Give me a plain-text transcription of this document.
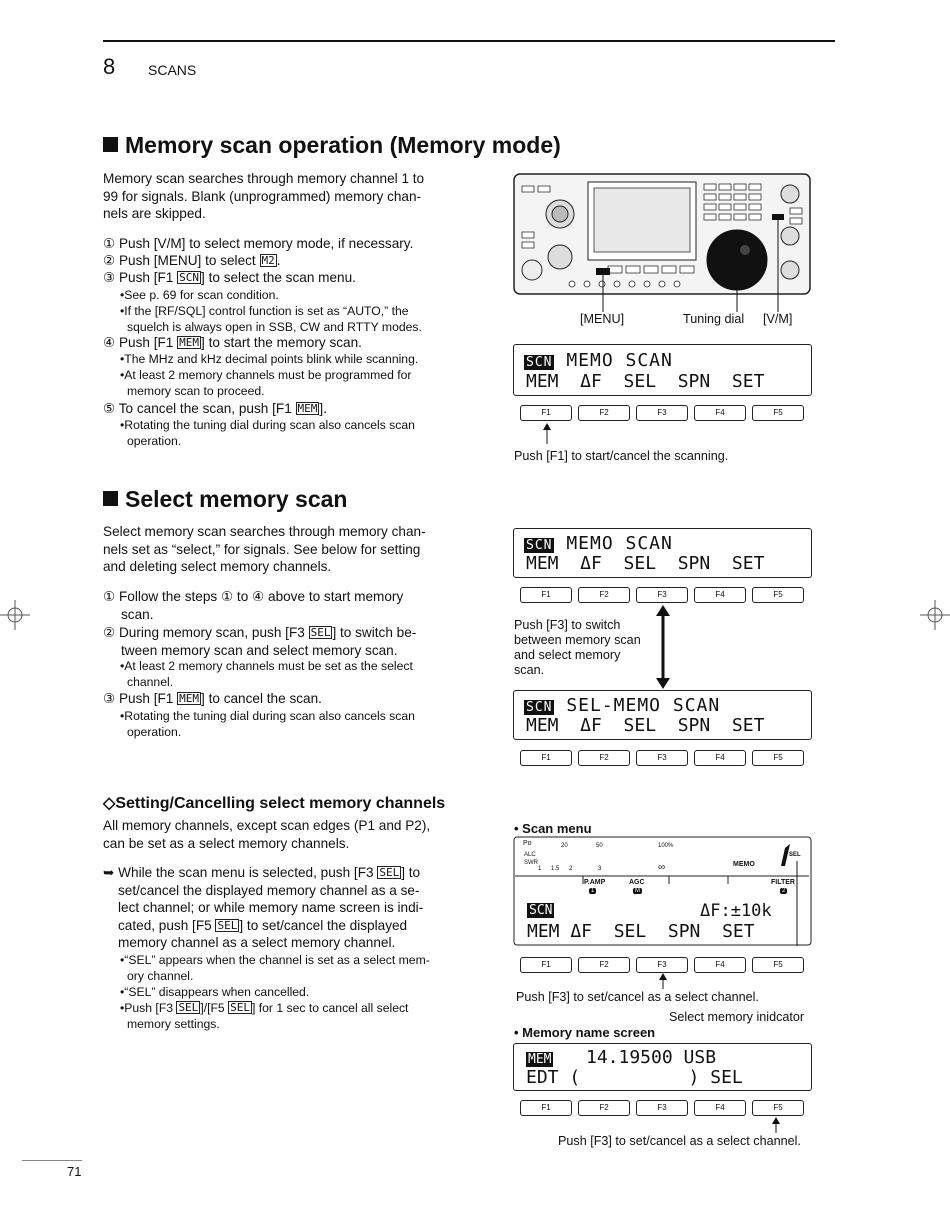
8 SCANS
Memory scan operation (Memory mode)
Memory scan searches through memory channel 1 to
99 for signals. Blank (unprogrammed) memory chan-
nels are skipped.
① Push [V/M] to select memory mode, if necessary.
② Push [MENU] to select M2 .
③ Push [F1 SCN ] to select the scan menu.
•See p. 69 for scan condition.
•If the [RF/SQL] control function is set as “AUTO,” the
squelch is always open in SSB, CW and RTTY modes.
④ Push [F1 MEM ] to start the memory scan.
•The MHz and kHz decimal points blink while scanning.
•At least 2 memory channels must be programmed for
memory scan to proceed.
⑤ To cancel the scan, push [F1 MEM ].
•Rotating the tuning dial during scan also cancels scan
operation.
[MENU]	Tuning dial [V/M]
SCN MEMO SCAN
MEM  ΔF  SEL  SPN  SET
F1	F2	F3	F4	F5
Push [F1] to start/cancel the scanning.
Select memory scan
Select memory scan searches through memory chan-
nels set as “select,” for signals. See below for setting
and deleting select memory channels.
① Follow the steps ① to ④ above to start memory
scan.
② During memory scan, push [F3 SEL ] to switch be-
tween memory scan and select memory scan.
•At least 2 memory channels must be set as the select
channel.
③ Push [F1 MEM ] to cancel the scan.
•Rotating the tuning dial during scan also cancels scan
operation.
SCN MEMO SCAN
MEM  ΔF  SEL  SPN  SET
F1	F2	F3	F4	F5
Push [F3] to switch
between memory scan
and select memory
scan.
SCN SEL-MEMO SCAN
MEM  ΔF  SEL  SPN  SET
F1	F2	F3	F4	F5
◇Setting/Cancelling select memory channels
All memory channels, except scan edges (P1 and P2),
can be set as a select memory channels.
➥ While the scan menu is selected, push [F3 SEL ] to
set/cancel the displayed memory channel as a se-
lect channel; or while memory name screen is indi-
cated, push [F5 SEL ] to set/cancel the displayed
memory channel as a select memory channel.
•“SEL” appears when the channel is set as a select mem-
ory channel.
•“SEL” disappears when cancelled.
•Push [F3 SEL ]/[F5 SEL ] for 1 sec to cancel all select
memory settings.
• Scan menu
Po
ALC
SWR
20	50	100%
1 1.5 2	3	∞	MEMO
SEL
P.AMP	AGC	FILTER
1	M	2
SCN	ΔF:±10k
MEM ΔF  SEL  SPN  SET
F1	F2	F3	F4	F5
Push [F3] to set/cancel as a select channel.
Select memory inidcator
• Memory name screen
MEM 14.19500 USB
EDT (          ) SEL
F1	F2	F3	F4	F5
Push [F3] to set/cancel as a select channel.
71
